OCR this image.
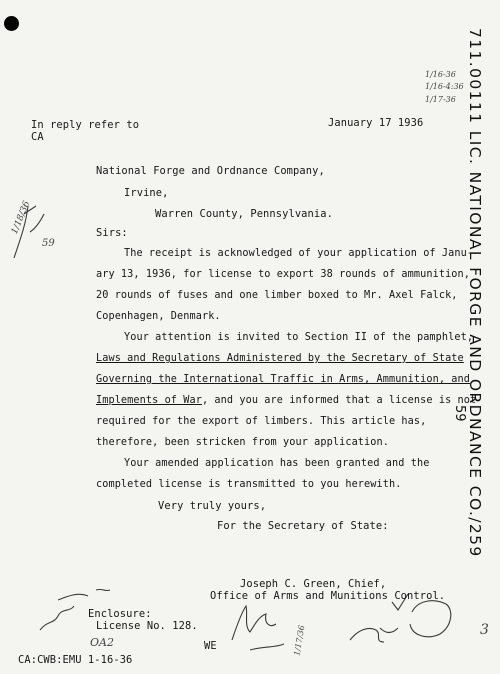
In reply refer to
CA
January 17 1936
National Forge and Ordnance Company,
Irvine,
Warren County, Pennsylvania.
Sirs:
The receipt is acknowledged of your application of Janu-
ary 13, 1936, for license to export 38 rounds of ammunition,
20 rounds of fuses and one limber boxed to Mr. Axel Falck,
Copenhagen, Denmark.
Your attention is invited to Section II of the pamphlet,
Laws and Regulations Administered by the Secretary of State
Governing the International Traffic in Arms, Ammunition, and
Implements of War, and you are informed that a license is not
required for the export of limbers. This article has,
therefore, been stricken from your application.
Your amended application has been granted and the
completed license is transmitted to you herewith.
Very truly yours,
For the Secretary of State:
Joseph C. Green, Chief,
Office of Arms and Munitions Control.
Enclosure:
License No. 128.
WE
CA:CWB:EMU 1-16-36
1/16-36
1/16-4:36
1/17-36
1/18/36
59
1/17/36
OA2
3
711.00111 LIC. NATIONAL FORGE AND ORDNANCE CO./259
59
